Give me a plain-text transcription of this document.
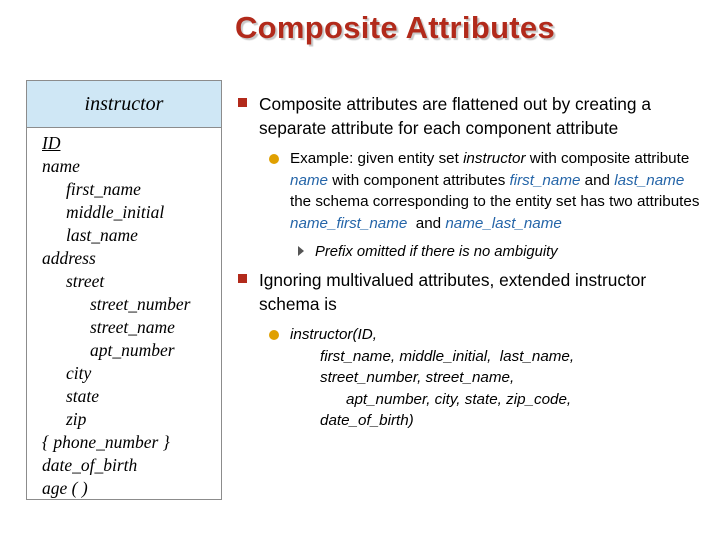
Composite Attributes
instructor
ID
name
first_name
middle_initial
last_name
address
street
street_number
street_name
apt_number
city
state
zip
{ phone_number }
date_of_birth
age ( )
Composite attributes are flattened out by creating a separate attribute for each component attribute
Example: given entity set instructor with composite attribute name with component attributes first_name and last_name the schema corresponding to the entity set has two attributes name_first_name  and name_last_name
Prefix omitted if there is no ambiguity
Ignoring multivalued attributes, extended instructor schema is
instructor(ID,
first_name, middle_initial,  last_name,
street_number, street_name,
apt_number, city, state, zip_code,
date_of_birth)
